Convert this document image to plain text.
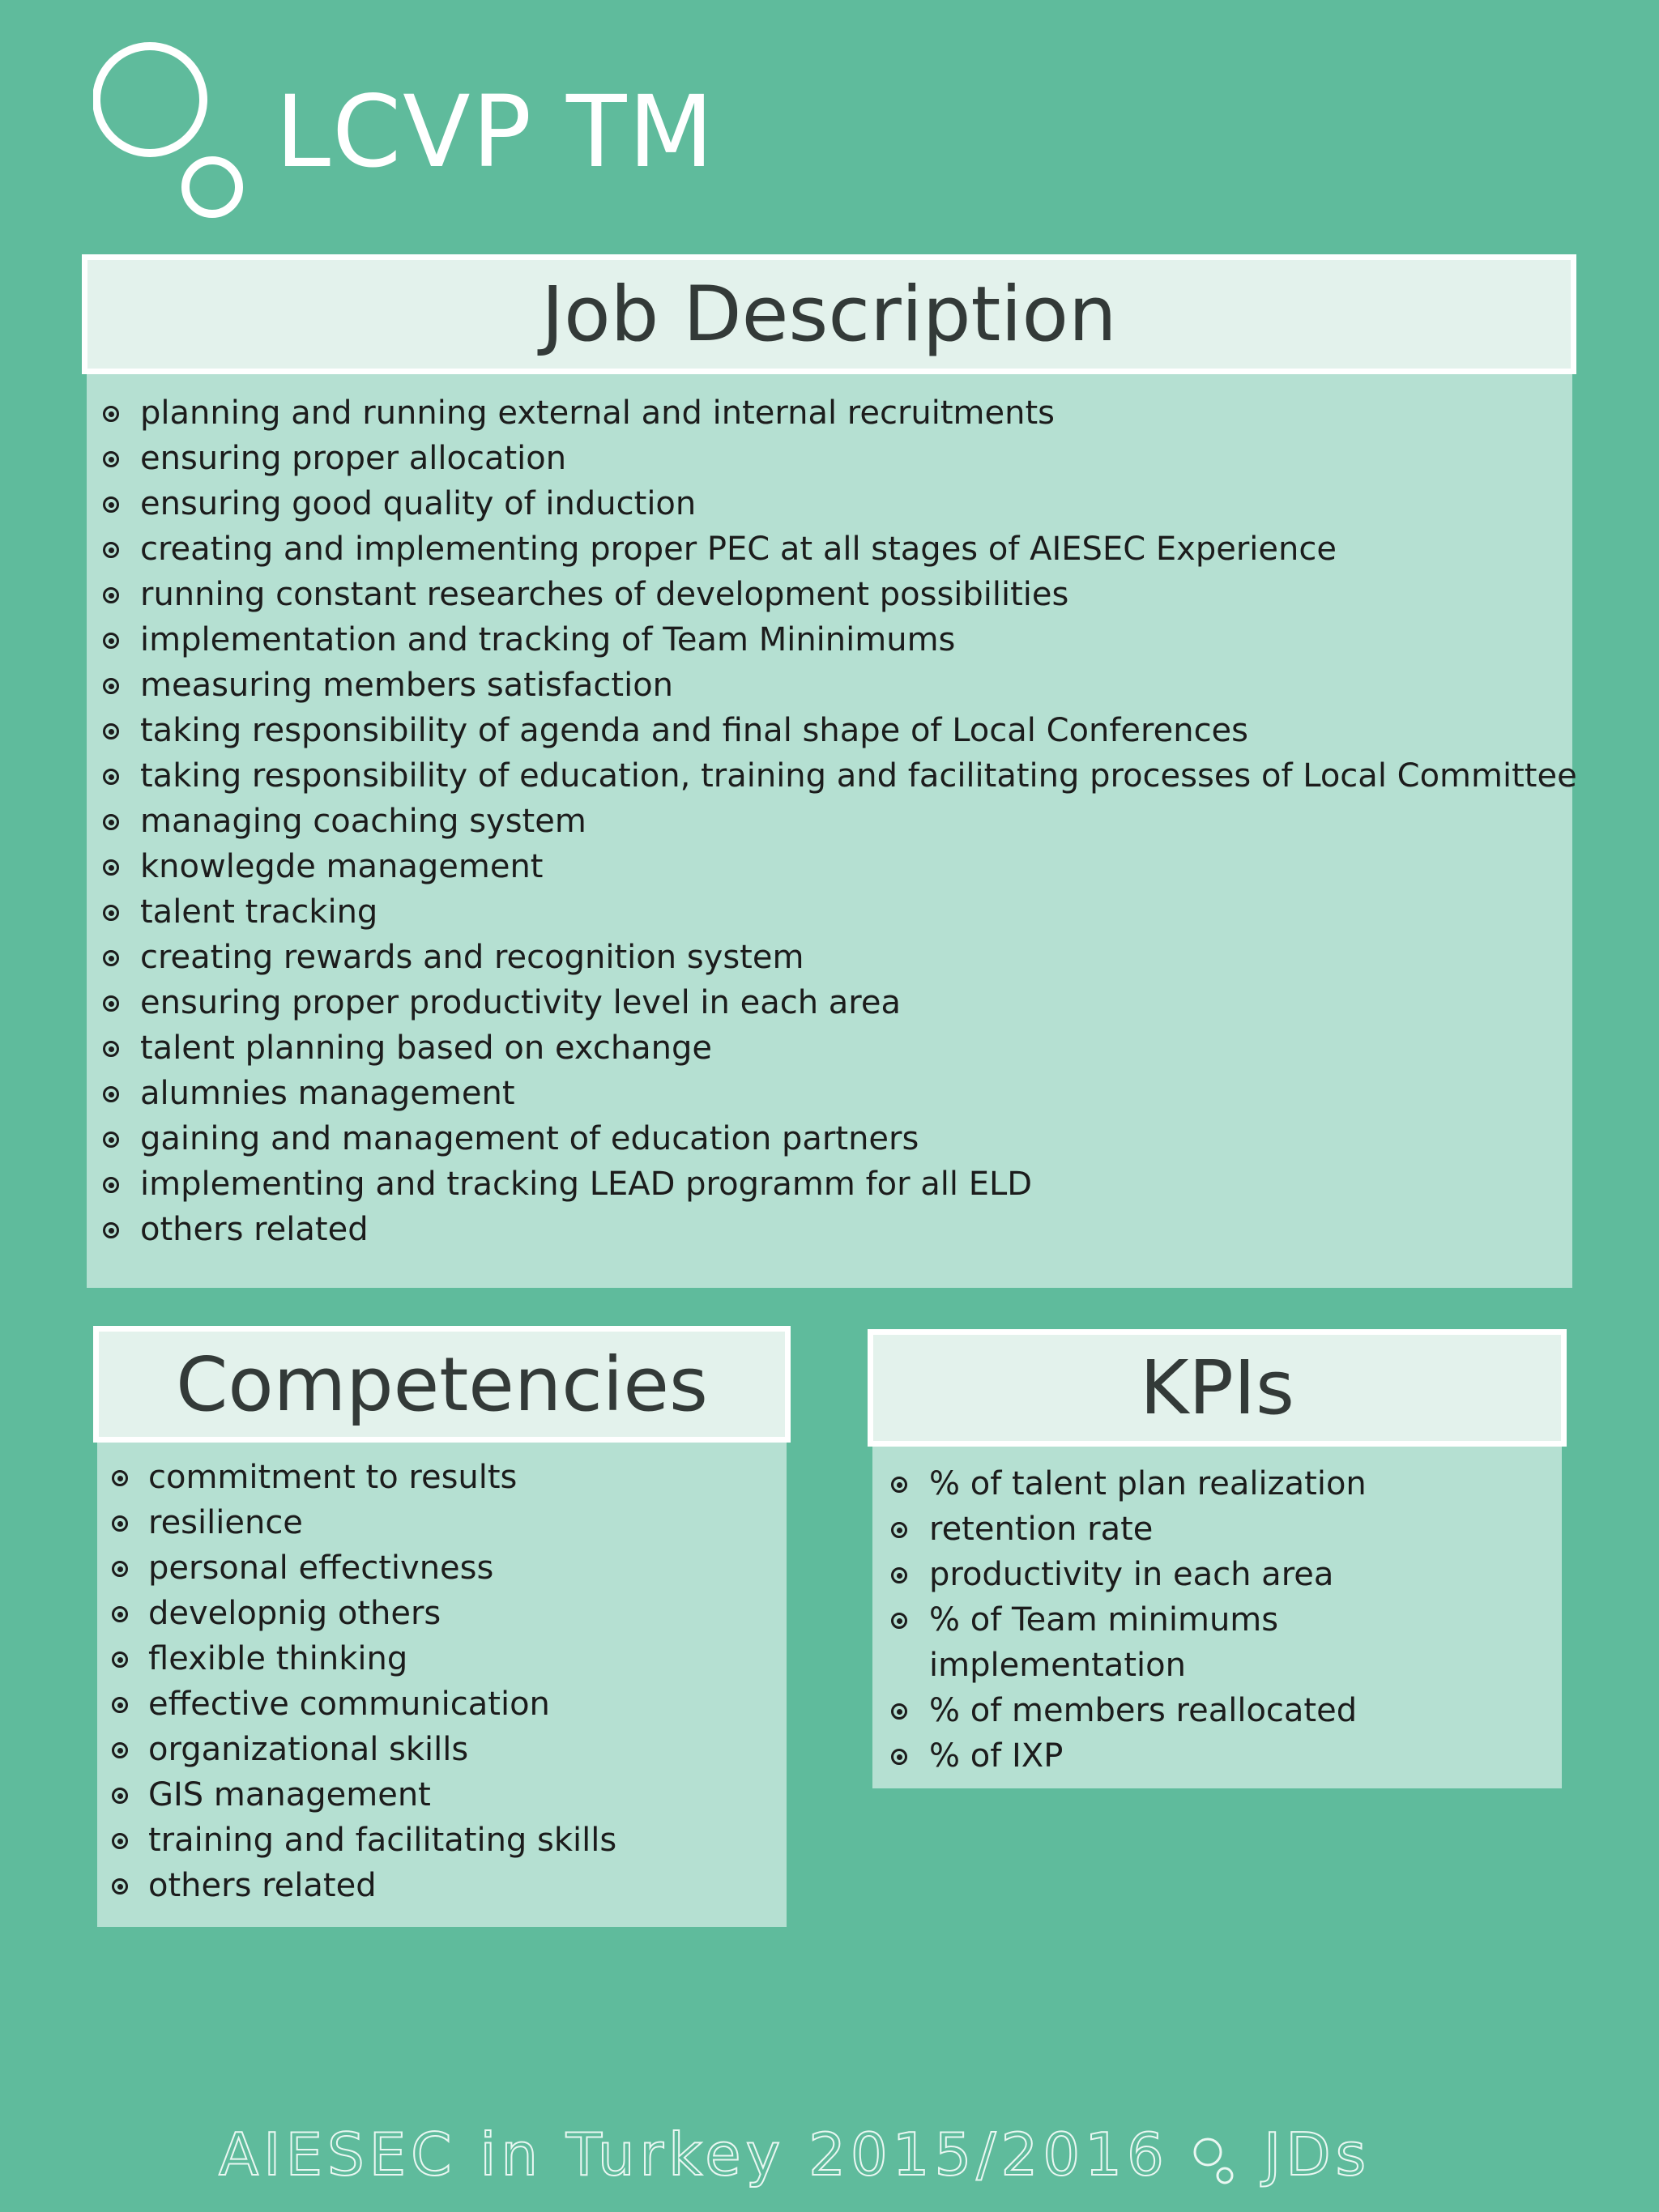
LCVP TM
Job Description
planning and running external and internal recruitments
ensuring proper allocation
ensuring good quality of induction
creating and implementing proper PEC at all stages of AIESEC Experience
running constant researches of development possibilities
implementation and tracking of Team Mininimums
measuring members satisfaction
taking responsibility of agenda and final shape of Local Conferences
taking responsibility of education, training and facilitating processes of Local Committee
managing coaching system
knowlegde management
talent tracking
creating rewards and recognition system
ensuring proper productivity level in each area
talent planning based on exchange
alumnies management
gaining and management of education partners
implementing and tracking LEAD programm for all ELD
others related
Competencies
commitment to results
resilience
personal effectivness
developnig others
flexible thinking
effective communication
organizational skills
GIS management
training and facilitating skills
others related
KPIs
% of talent plan realization
retention rate
productivity in each area
% of Team minimums implementation
% of members reallocated
% of IXP
AIESEC in Turkey 2015/2016 JDs
